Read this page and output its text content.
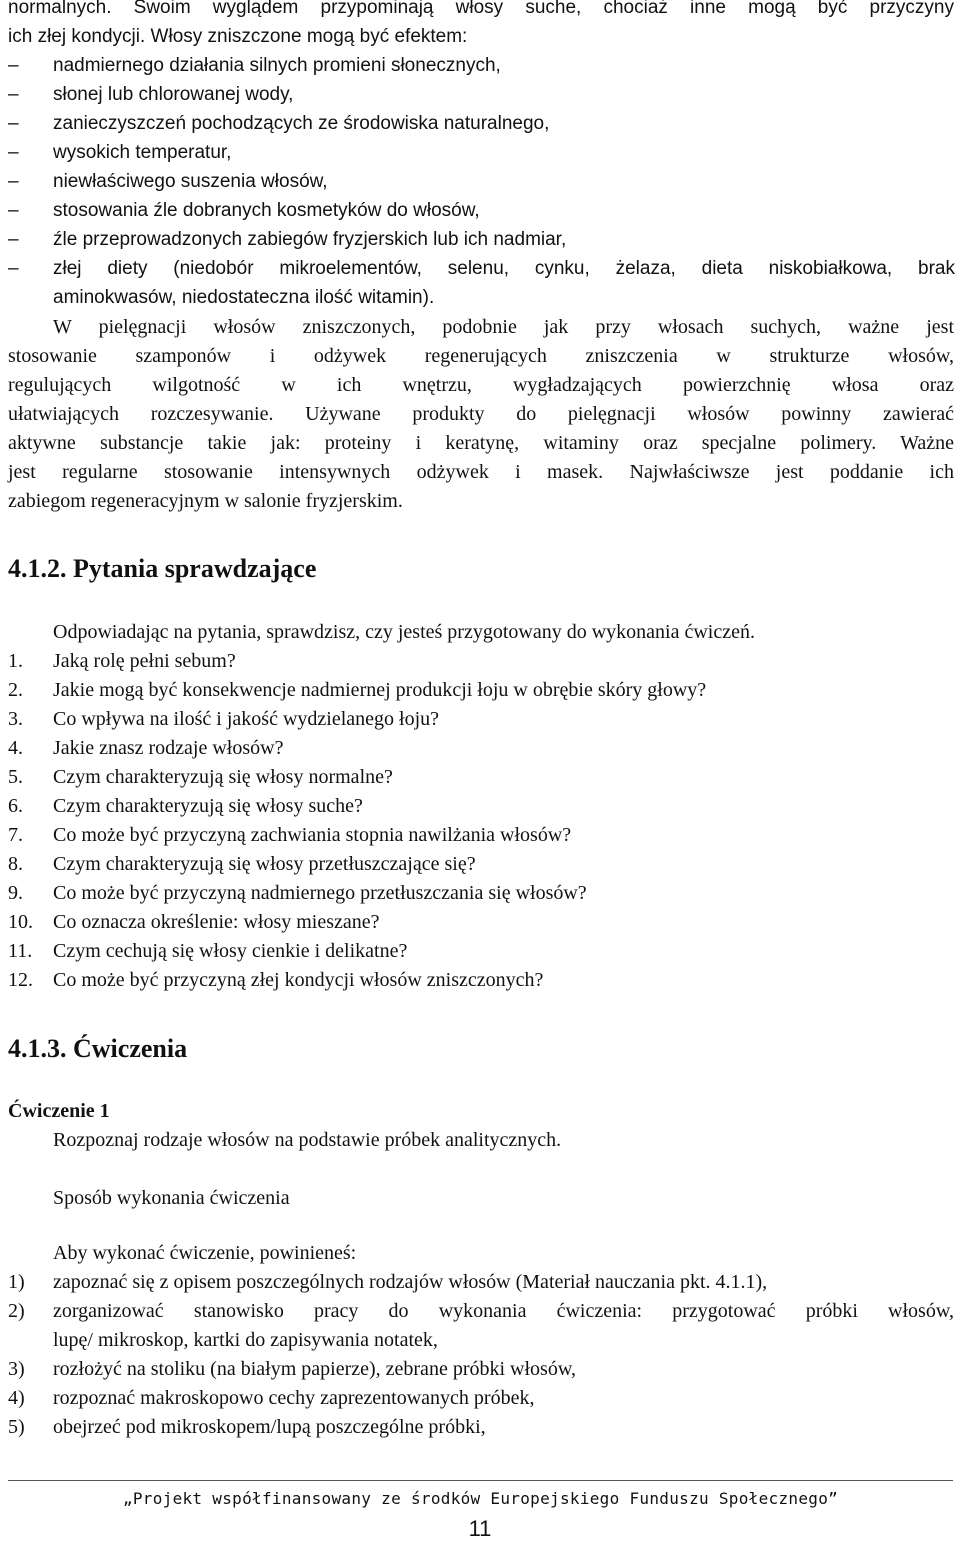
normalnych. Swoim wyglądem przypominają włosy suche, chociaż inne mogą być przyczyny
ich złej kondycji. Włosy zniszczone mogą być efektem:
– nadmiernego działania silnych promieni słonecznych,
– słonej lub chlorowanej wody,
– zanieczyszczeń pochodzących ze środowiska naturalnego,
– wysokich temperatur,
– niewłaściwego suszenia włosów,
– stosowania źle dobranych kosmetyków do włosów,
– źle przeprowadzonych zabiegów fryzjerskich lub ich nadmiar,
– złej diety (niedobór mikroelementów, selenu, cynku, żelaza, dieta niskobiałkowa, brak
aminokwasów, niedostateczna ilość witamin).
W pielęgnacji włosów zniszczonych, podobnie jak przy włosach suchych, ważne jest
stosowanie szamponów i odżywek regenerujących zniszczenia w strukturze włosów,
regulujących wilgotność w ich wnętrzu, wygładzających powierzchnię włosa oraz
ułatwiających rozczesywanie. Używane produkty do pielęgnacji włosów powinny zawierać
aktywne substancje takie jak: proteiny i keratynę, witaminy oraz specjalne polimery. Ważne
jest regularne stosowanie intensywnych odżywek i masek. Najwłaściwsze jest poddanie ich
zabiegom regeneracyjnym w salonie fryzjerskim.
4.1.2. Pytania sprawdzające
Odpowiadając na pytania, sprawdzisz, czy jesteś przygotowany do wykonania ćwiczeń.
1. Jaką rolę pełni sebum?
2. Jakie mogą być konsekwencje nadmiernej produkcji łoju w obrębie skóry głowy?
3. Co wpływa na ilość i jakość wydzielanego łoju?
4. Jakie znasz rodzaje włosów?
5. Czym charakteryzują się włosy normalne?
6. Czym charakteryzują się włosy suche?
7. Co może być przyczyną zachwiania stopnia nawilżania włosów?
8. Czym charakteryzują się włosy przetłuszczające się?
9. Co może być przyczyną nadmiernego przetłuszczania się włosów?
10. Co oznacza określenie: włosy mieszane?
11. Czym cechują się włosy cienkie i delikatne?
12. Co może być przyczyną złej kondycji włosów zniszczonych?
4.1.3. Ćwiczenia
Ćwiczenie 1
Rozpoznaj rodzaje włosów na podstawie próbek analitycznych.
Sposób wykonania ćwiczenia
Aby wykonać ćwiczenie, powinieneś:
1) zapoznać się z opisem poszczególnych rodzajów włosów (Materiał nauczania pkt. 4.1.1),
2) zorganizować stanowisko pracy do wykonania ćwiczenia: przygotować próbki włosów,
lupę/ mikroskop, kartki do zapisywania notatek,
3) rozłożyć na stoliku (na białym papierze), zebrane próbki włosów,
4) rozpoznać makroskopowo cechy zaprezentowanych próbek,
5) obejrzeć pod mikroskopem/lupą poszczególne próbki,
„Projekt współfinansowany ze środków Europejskiego Funduszu Społecznego”
11
